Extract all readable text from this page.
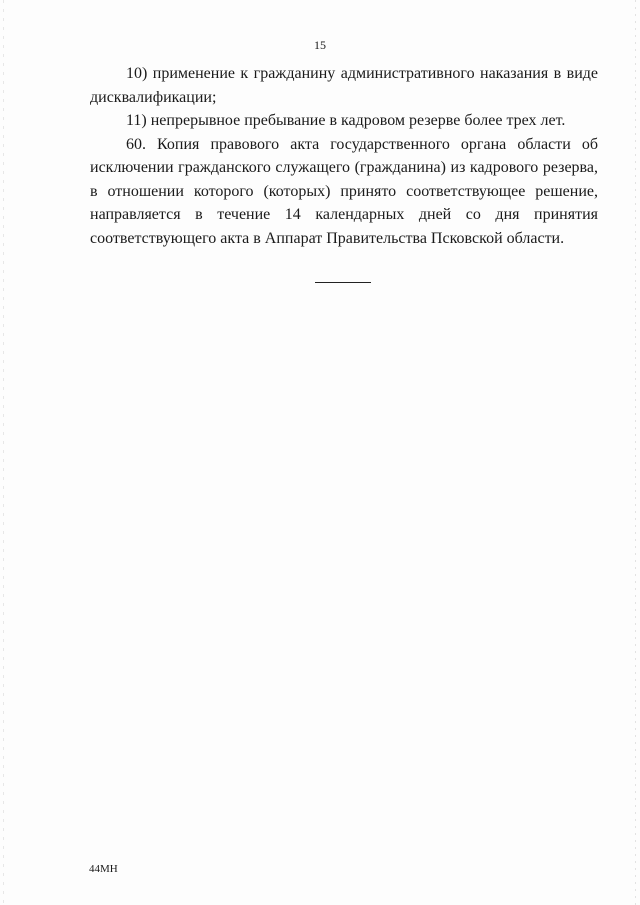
15

10) применение к гражданину административного наказания в виде дисквалификации;

11) непрерывное пребывание в кадровом резерве более трех лет.

60. Копия правового акта государственного органа области об исключении гражданского служащего (гражданина) из кадрового резерва, в отношении которого (которых) принято соответствующее решение, направляется в течение 14 календарных дней со дня принятия соответствующего акта в Аппарат Правительства Псковской области.

44МН
